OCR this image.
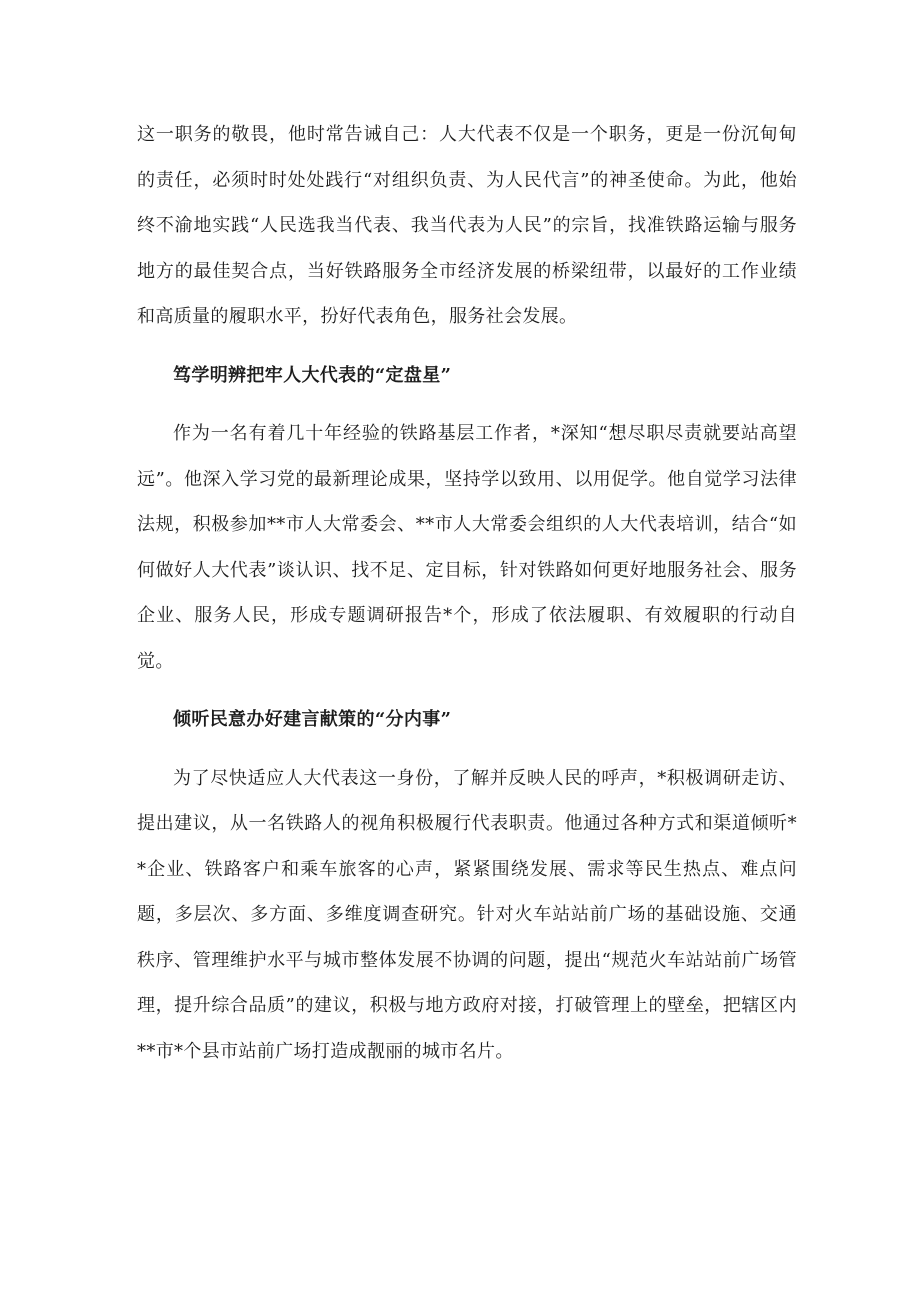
这一职务的敬畏，他时常告诫自己：人大代表不仅是一个职务，更是一份沉甸甸的责任，必须时时处处践行“对组织负责、为人民代言”的神圣使命。为此，他始终不渝地实践“人民选我当代表、我当代表为人民”的宗旨，找准铁路运输与服务地方的最佳契合点，当好铁路服务全市经济发展的桥梁纽带，以最好的工作业绩和高质量的履职水平，扮好代表角色，服务社会发展。

笃学明辨把牢人大代表的“定盘星”

作为一名有着几十年经验的铁路基层工作者，*深知“想尽职尽责就要站高望远”。他深入学习党的最新理论成果，坚持学以致用、以用促学。他自觉学习法律法规，积极参加**市人大常委会、**市人大常委会组织的人大代表培训，结合“如何做好人大代表”谈认识、找不足、定目标，针对铁路如何更好地服务社会、服务企业、服务人民，形成专题调研报告*个，形成了依法履职、有效履职的行动自觉。

倾听民意办好建言献策的“分内事”

为了尽快适应人大代表这一身份，了解并反映人民的呼声，*积极调研走访、提出建议，从一名铁路人的视角积极履行代表职责。他通过各种方式和渠道倾听**企业、铁路客户和乘车旅客的心声，紧紧围绕发展、需求等民生热点、难点问题，多层次、多方面、多维度调查研究。针对火车站站前广场的基础设施、交通秩序、管理维护水平与城市整体发展不协调的问题，提出“规范火车站站前广场管理，提升综合品质”的建议，积极与地方政府对接，打破管理上的壁垒，把辖区内**市*个县市站前广场打造成靓丽的城市名片。
